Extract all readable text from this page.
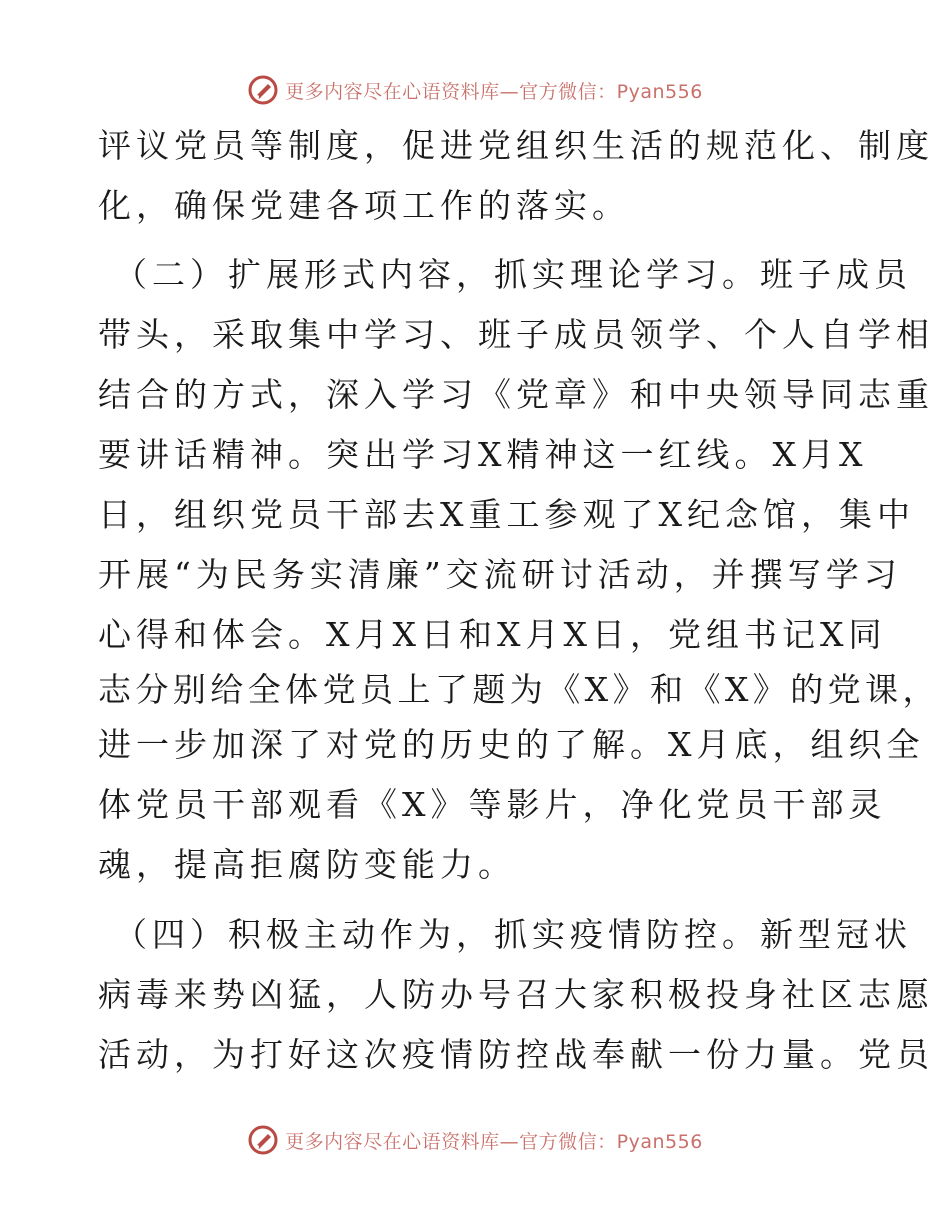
更多内容尽在心语资料库—官方微信：Pyan556
评议党员等制度，促进党组织生活的规范化、制度
化，确保党建各项工作的落实。
（二）扩展形式内容，抓实理论学习。班子成员
带头，采取集中学习、班子成员领学、个人自学相
结合的方式，深入学习《党章》和中央领导同志重
要讲话精神。突出学习X精神这一红线。X月X
日，组织党员干部去X重工参观了X纪念馆，集中
开展“为民务实清廉”交流研讨活动，并撰写学习
心得和体会。X月X日和X月X日，党组书记X同
志分别给全体党员上了题为《X》和《X》的党课，
进一步加深了对党的历史的了解。X月底，组织全
体党员干部观看《X》等影片，净化党员干部灵
魂，提高拒腐防变能力。
（四）积极主动作为，抓实疫情防控。新型冠状
病毒来势凶猛，人防办号召大家积极投身社区志愿
活动，为打好这次疫情防控战奉献一份力量。党员
更多内容尽在心语资料库—官方微信：Pyan556
